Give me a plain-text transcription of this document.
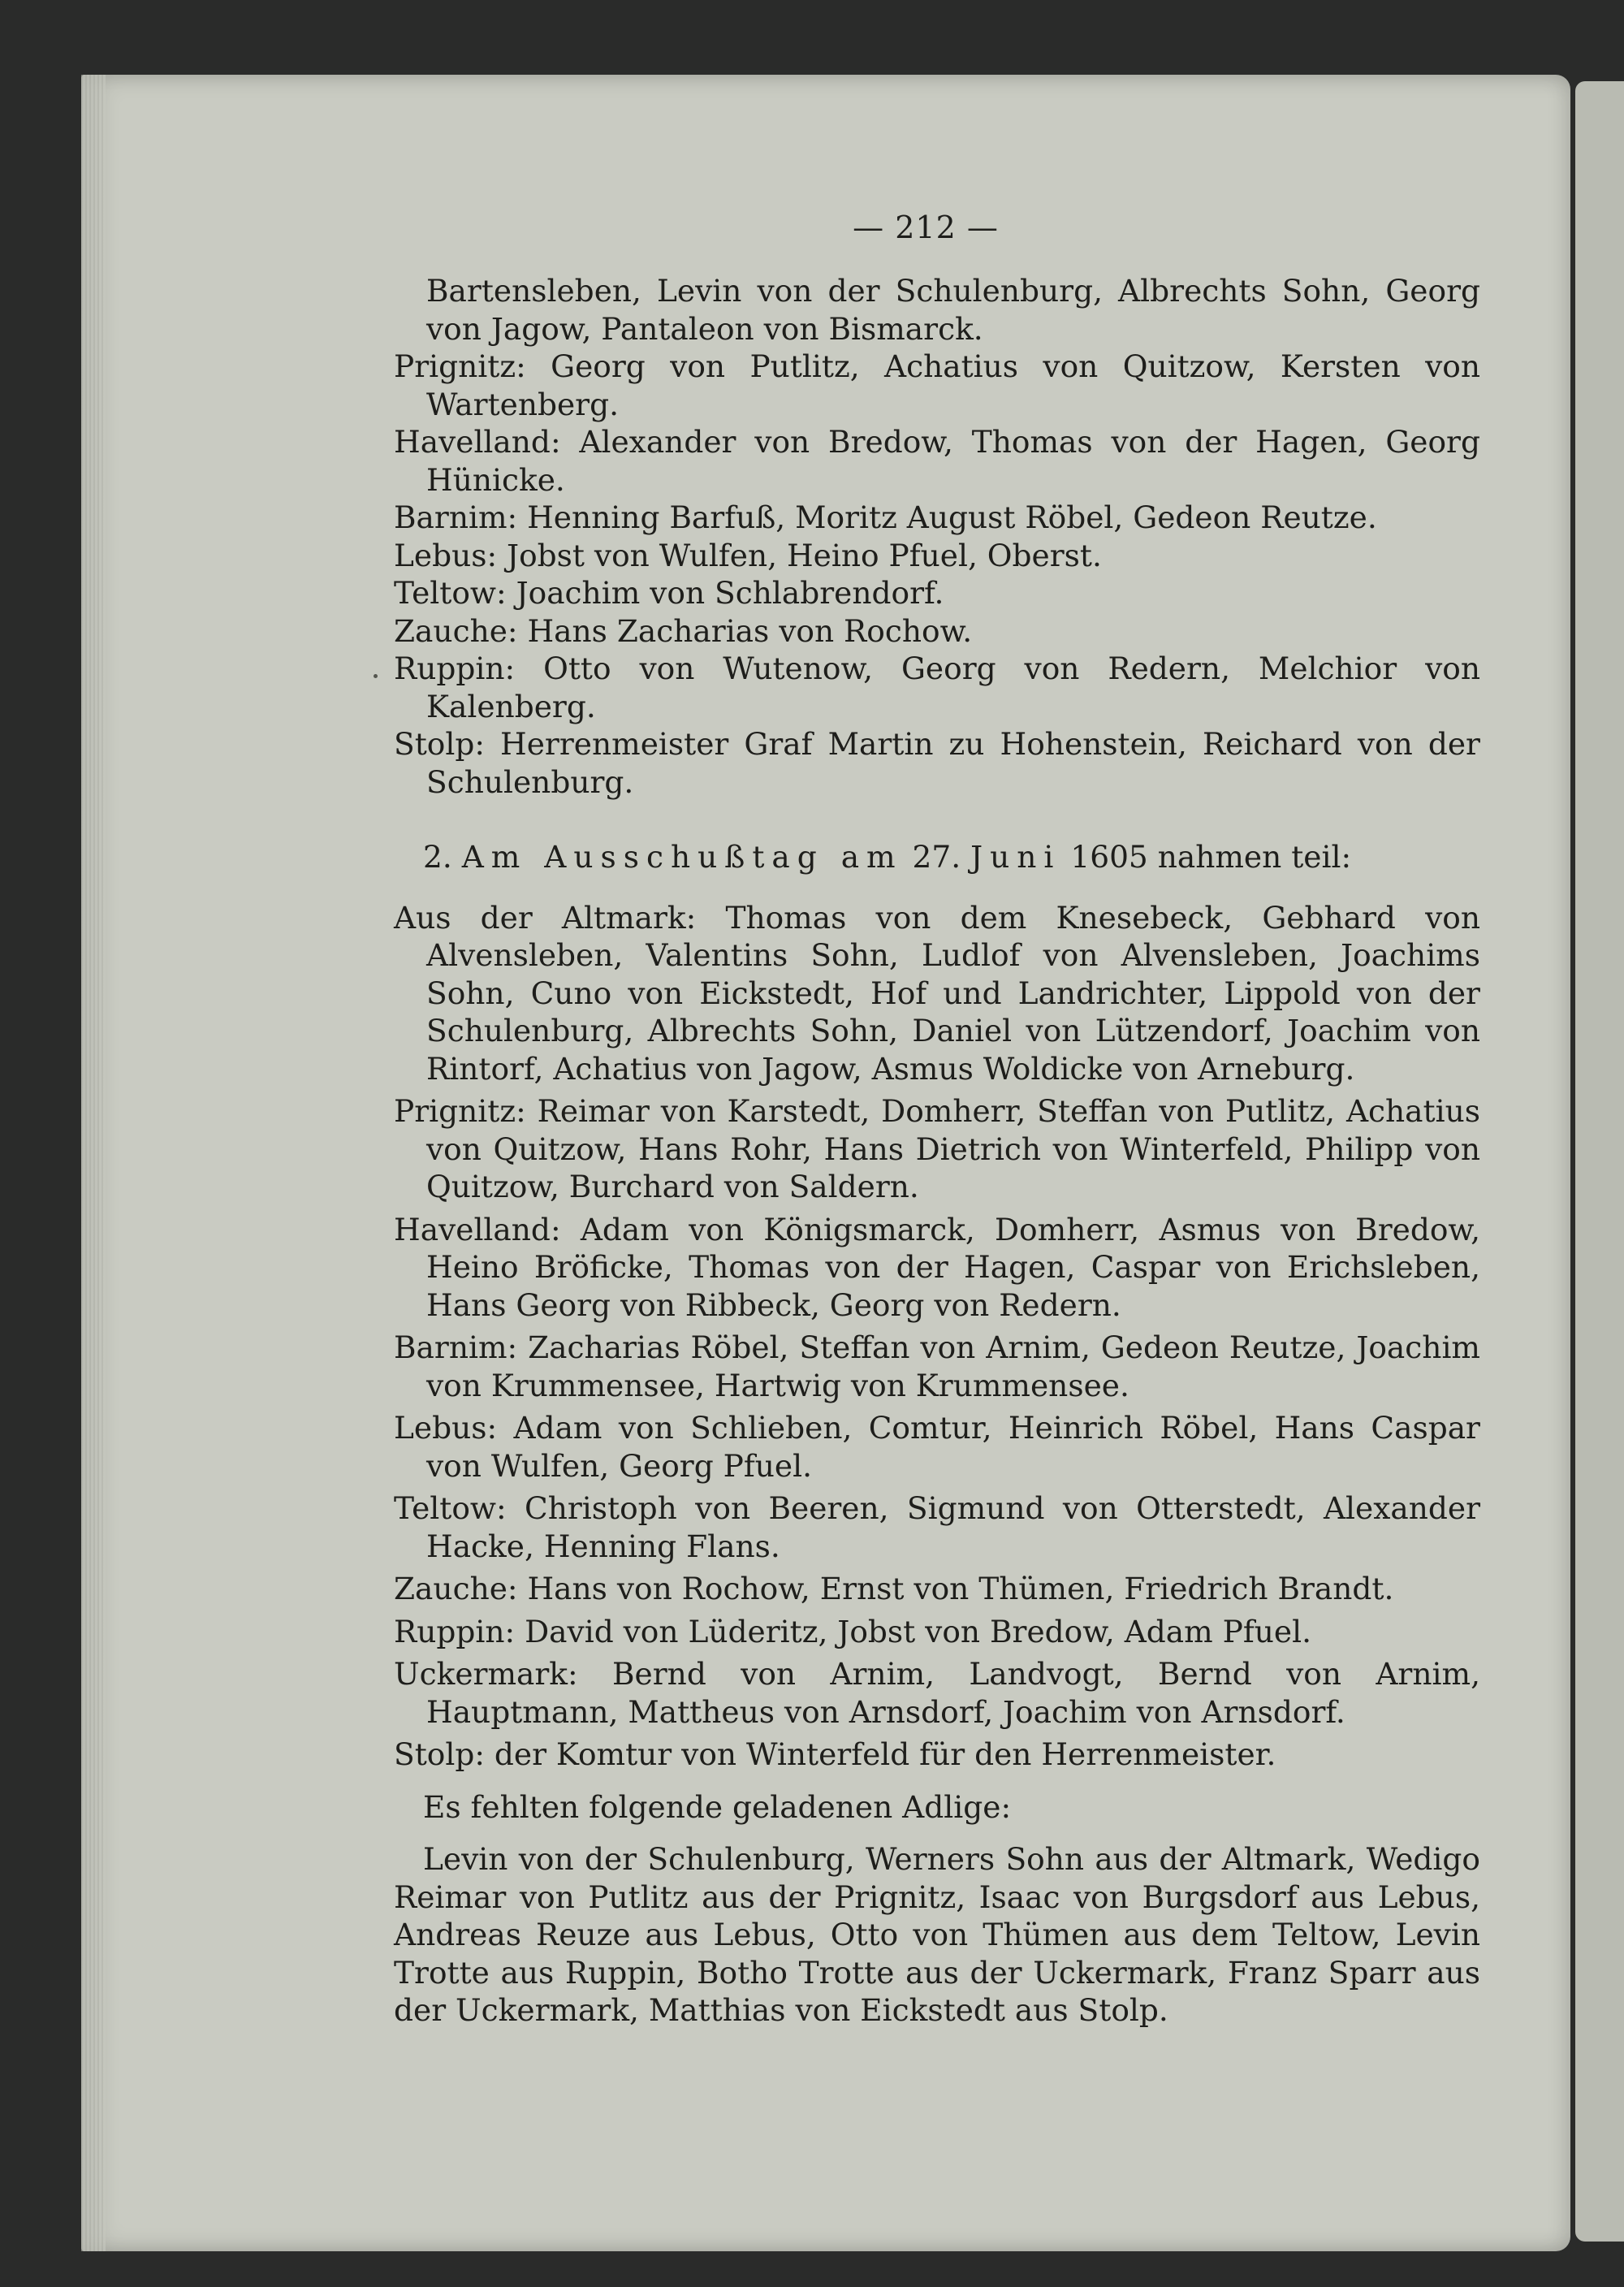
— 212 —

Bartensleben, Levin von der Schulenburg, Albrechts Sohn, Georg von Jagow, Pantaleon von Bismarck.

Prignitz: Georg von Putlitz, Achatius von Quitzow, Kersten von Wartenberg.

Havelland: Alexander von Bredow, Thomas von der Hagen, Georg Hünicke.

Barnim: Henning Barfuß, Moritz August Röbel, Gedeon Reutze.

Lebus: Jobst von Wulfen, Heino Pfuel, Oberst.

Teltow: Joachim von Schlabrendorf.

Zauche: Hans Zacharias von Rochow.

Ruppin: Otto von Wutenow, Georg von Redern, Melchior von Kalenberg.

Stolp: Herrenmeister Graf Martin zu Hohenstein, Reichard von der Schulenburg.

2. Am Ausschußtag am 27. Juni 1605 nahmen teil:

Aus der Altmark: Thomas von dem Knesebeck, Gebhard von Alvensleben, Valentins Sohn, Ludlof von Alvensleben, Joachims Sohn, Cuno von Eickstedt, Hof und Landrichter, Lippold von der Schulenburg, Albrechts Sohn, Daniel von Lützendorf, Joachim von Rintorf, Achatius von Jagow, Asmus Woldicke von Arneburg.

Prignitz: Reimar von Karstedt, Domherr, Steffan von Putlitz, Achatius von Quitzow, Hans Rohr, Hans Dietrich von Winterfeld, Philipp von Quitzow, Burchard von Saldern.

Havelland: Adam von Königsmarck, Domherr, Asmus von Bredow, Heino Bröficke, Thomas von der Hagen, Caspar von Erichsleben, Hans Georg von Ribbeck, Georg von Redern.

Barnim: Zacharias Röbel, Steffan von Arnim, Gedeon Reutze, Joachim von Krummensee, Hartwig von Krummensee.

Lebus: Adam von Schlieben, Comtur, Heinrich Röbel, Hans Caspar von Wulfen, Georg Pfuel.

Teltow: Christoph von Beeren, Sigmund von Otterstedt, Alexander Hacke, Henning Flans.

Zauche: Hans von Rochow, Ernst von Thümen, Friedrich Brandt.

Ruppin: David von Lüderitz, Jobst von Bredow, Adam Pfuel.

Uckermark: Bernd von Arnim, Landvogt, Bernd von Arnim, Hauptmann, Mattheus von Arnsdorf, Joachim von Arnsdorf.

Stolp: der Komtur von Winterfeld für den Herrenmeister.

Es fehlten folgende geladenen Adlige:

Levin von der Schulenburg, Werners Sohn aus der Altmark, Wedigo Reimar von Putlitz aus der Prignitz, Isaac von Burgsdorf aus Lebus, Andreas Reuze aus Lebus, Otto von Thümen aus dem Teltow, Levin Trotte aus Ruppin, Botho Trotte aus der Uckermark, Franz Sparr aus der Uckermark, Matthias von Eickstedt aus Stolp.
